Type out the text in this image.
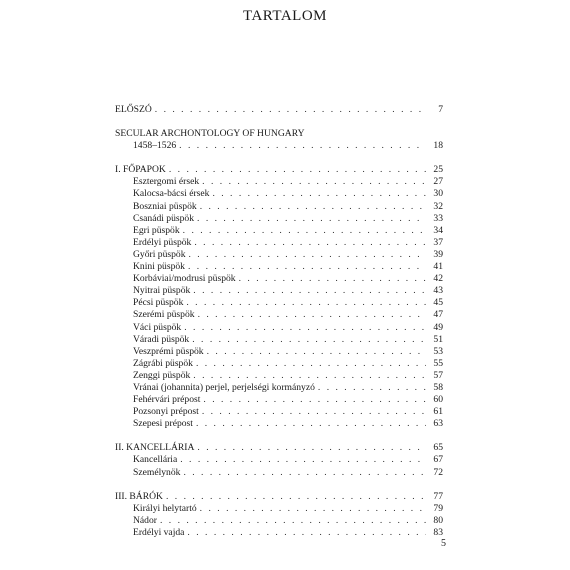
TARTALOM
ELŐSZÓ . . .	7
SECULAR ARCHONTOLOGY OF HUNGARY
1458–1526 . . .	18
I. FŐPAPOK . . .	25
Esztergomi érsek . . .	27
Kalocsa-bácsi érsek . . .	30
Boszniai püspök . . .	32
Csanádi püspök . . .	33
Egri püspök . . .	34
Erdélyi püspök . . .	37
Győri püspök . . .	39
Knini püspök . . .	41
Korbáviai/modrusi püspök . . .	42
Nyitrai püspök . . .	43
Pécsi püspök . . .	45
Szerémi püspök . . .	47
Váci püspök . . .	49
Váradi püspök . . .	51
Veszprémi püspök . . .	53
Zágrábi püspök . . .	55
Zenggi püspök . . .	57
Vránai (johannita) perjel, perjelségi kormányzó . . .	58
Fehérvári prépost . . .	60
Pozsonyi prépost . . .	61
Szepesi prépost . . .	63
II. KANCELLÁRIA . . .	65
Kancellária . . .	67
Személynök . . .	72
III. BÁRÓK . . .	77
Királyi helytartó . . .	79
Nádor . . .	80
Erdélyi vajda . . .	83
5
